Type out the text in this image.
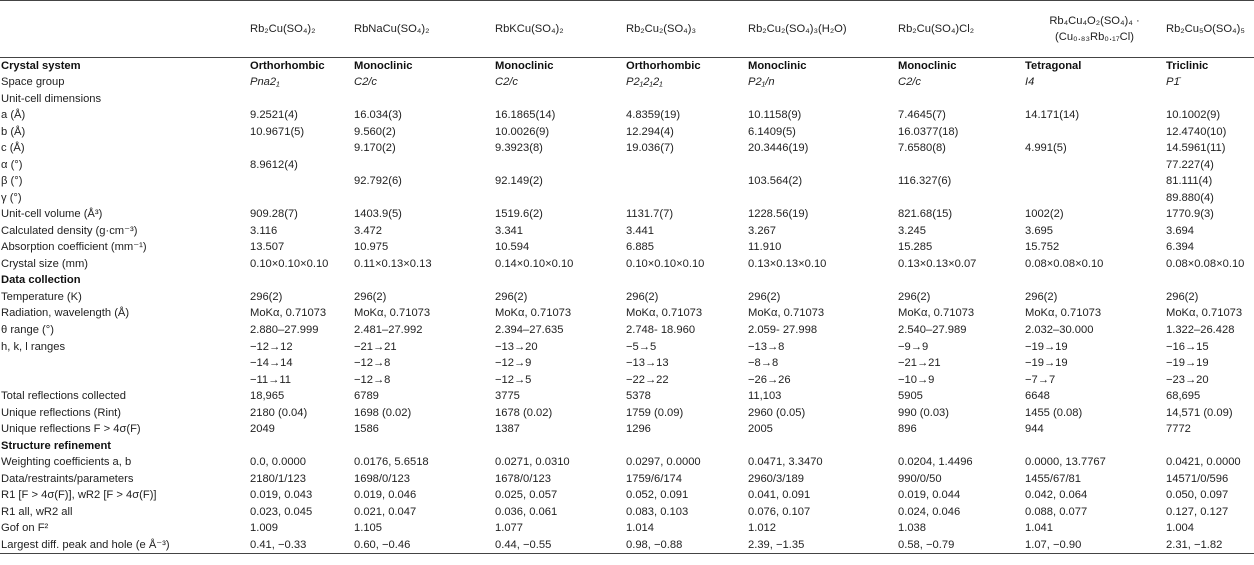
	Rb₂Cu(SO₄)₂	RbNaCu(SO₄)₂	RbKCu(SO₄)₂	Rb₂Cu₂(SO₄)₃	Rb₂Cu₂(SO₄)₃(H₂O)	Rb₂Cu(SO₄)Cl₂	Rb₄Cu₄O₂(SO₄)₄ · (Cu₀.₈₃Rb₀.₁₇Cl)	Rb₂Cu₅O(SO₄)₅
Crystal system	Orthorhombic	Monoclinic	Monoclinic	Orthorhombic	Monoclinic	Monoclinic	Tetragonal	Triclinic
Space group	Pna2₁	C2/c	C2/c	P2₁2₁2₁	P2₁/n	C2/c	I4	P1̄
Unit-cell dimensions								
a (Å)	9.2521(4)	16.034(3)	16.1865(14)	4.8359(19)	10.1158(9)	7.4645(7)	14.171(14)	10.1002(9)
b (Å)	10.9671(5)	9.560(2)	10.0026(9)	12.294(4)	6.1409(5)	16.0377(18)		12.4740(10)
c (Å)		9.170(2)	9.3923(8)	19.036(7)	20.3446(19)	7.6580(8)	4.991(5)	14.5961(11)
α (°)	8.9612(4)							77.227(4)
β (°)		92.792(6)	92.149(2)		103.564(2)	116.327(6)		81.111(4)
γ (°)								89.880(4)
Unit-cell volume (Å³)	909.28(7)	1403.9(5)	1519.6(2)	1131.7(7)	1228.56(19)	821.68(15)	1002(2)	1770.9(3)
Calculated density (g·cm⁻³)	3.116	3.472	3.341	3.441	3.267	3.245	3.695	3.694
Absorption coefficient (mm⁻¹)	13.507	10.975	10.594	6.885	11.910	15.285	15.752	6.394
Crystal size (mm)	0.10×0.10×0.10	0.11×0.13×0.13	0.14×0.10×0.10	0.10×0.10×0.10	0.13×0.13×0.10	0.13×0.13×0.07	0.08×0.08×0.10	0.08×0.08×0.10
Data collection								
Temperature (K)	296(2)	296(2)	296(2)	296(2)	296(2)	296(2)	296(2)	296(2)
Radiation, wavelength (Å)	MoKα, 0.71073	MoKα, 0.71073	MoKα, 0.71073	MoKα, 0.71073	MoKα, 0.71073	MoKα, 0.71073	MoKα, 0.71073	MoKα, 0.71073
θ range (°)	2.880–27.999	2.481–27.992	2.394–27.635	2.748- 18.960	2.059- 27.998	2.540–27.989	2.032–30.000	1.322–26.428
h, k, l ranges	−12→12	−21→21	−13→20	−5→5	−13→8	−9→9	−19→19	−16→15
	−14→14	−12→8	−12→9	−13→13	−8→8	−21→21	−19→19	−19→19
	−11→11	−12→8	−12→5	−22→22	−26→26	−10→9	−7→7	−23→20
Total reflections collected	18,965	6789	3775	5378	11,103	5905	6648	68,695
Unique reflections (Rint)	2180 (0.04)	1698 (0.02)	1678 (0.02)	1759 (0.09)	2960 (0.05)	990 (0.03)	1455 (0.08)	14,571 (0.09)
Unique reflections F > 4σ(F)	2049	1586	1387	1296	2005	896	944	7772
Structure refinement								
Weighting coefficients a, b	0.0, 0.0000	0.0176, 5.6518	0.0271, 0.0310	0.0297, 0.0000	0.0471, 3.3470	0.0204, 1.4496	0.0000, 13.7767	0.0421, 0.0000
Data/restraints/parameters	2180/1/123	1698/0/123	1678/0/123	1759/6/174	2960/3/189	990/0/50	1455/67/81	14571/0/596
R1 [F > 4σ(F)], wR2 [F > 4σ(F)]	0.019, 0.043	0.019, 0.046	0.025, 0.057	0.052, 0.091	0.041, 0.091	0.019, 0.044	0.042, 0.064	0.050, 0.097
R1 all, wR2 all	0.023, 0.045	0.021, 0.047	0.036, 0.061	0.083, 0.103	0.076, 0.107	0.024, 0.046	0.088, 0.077	0.127, 0.127
Gof on F²	1.009	1.105	1.077	1.014	1.012	1.038	1.041	1.004
Largest diff. peak and hole (e Å⁻³)	0.41, −0.33	0.60, −0.46	0.44, −0.55	0.98, −0.88	2.39, −1.35	0.58, −0.79	1.07, −0.90	2.31, −1.82
